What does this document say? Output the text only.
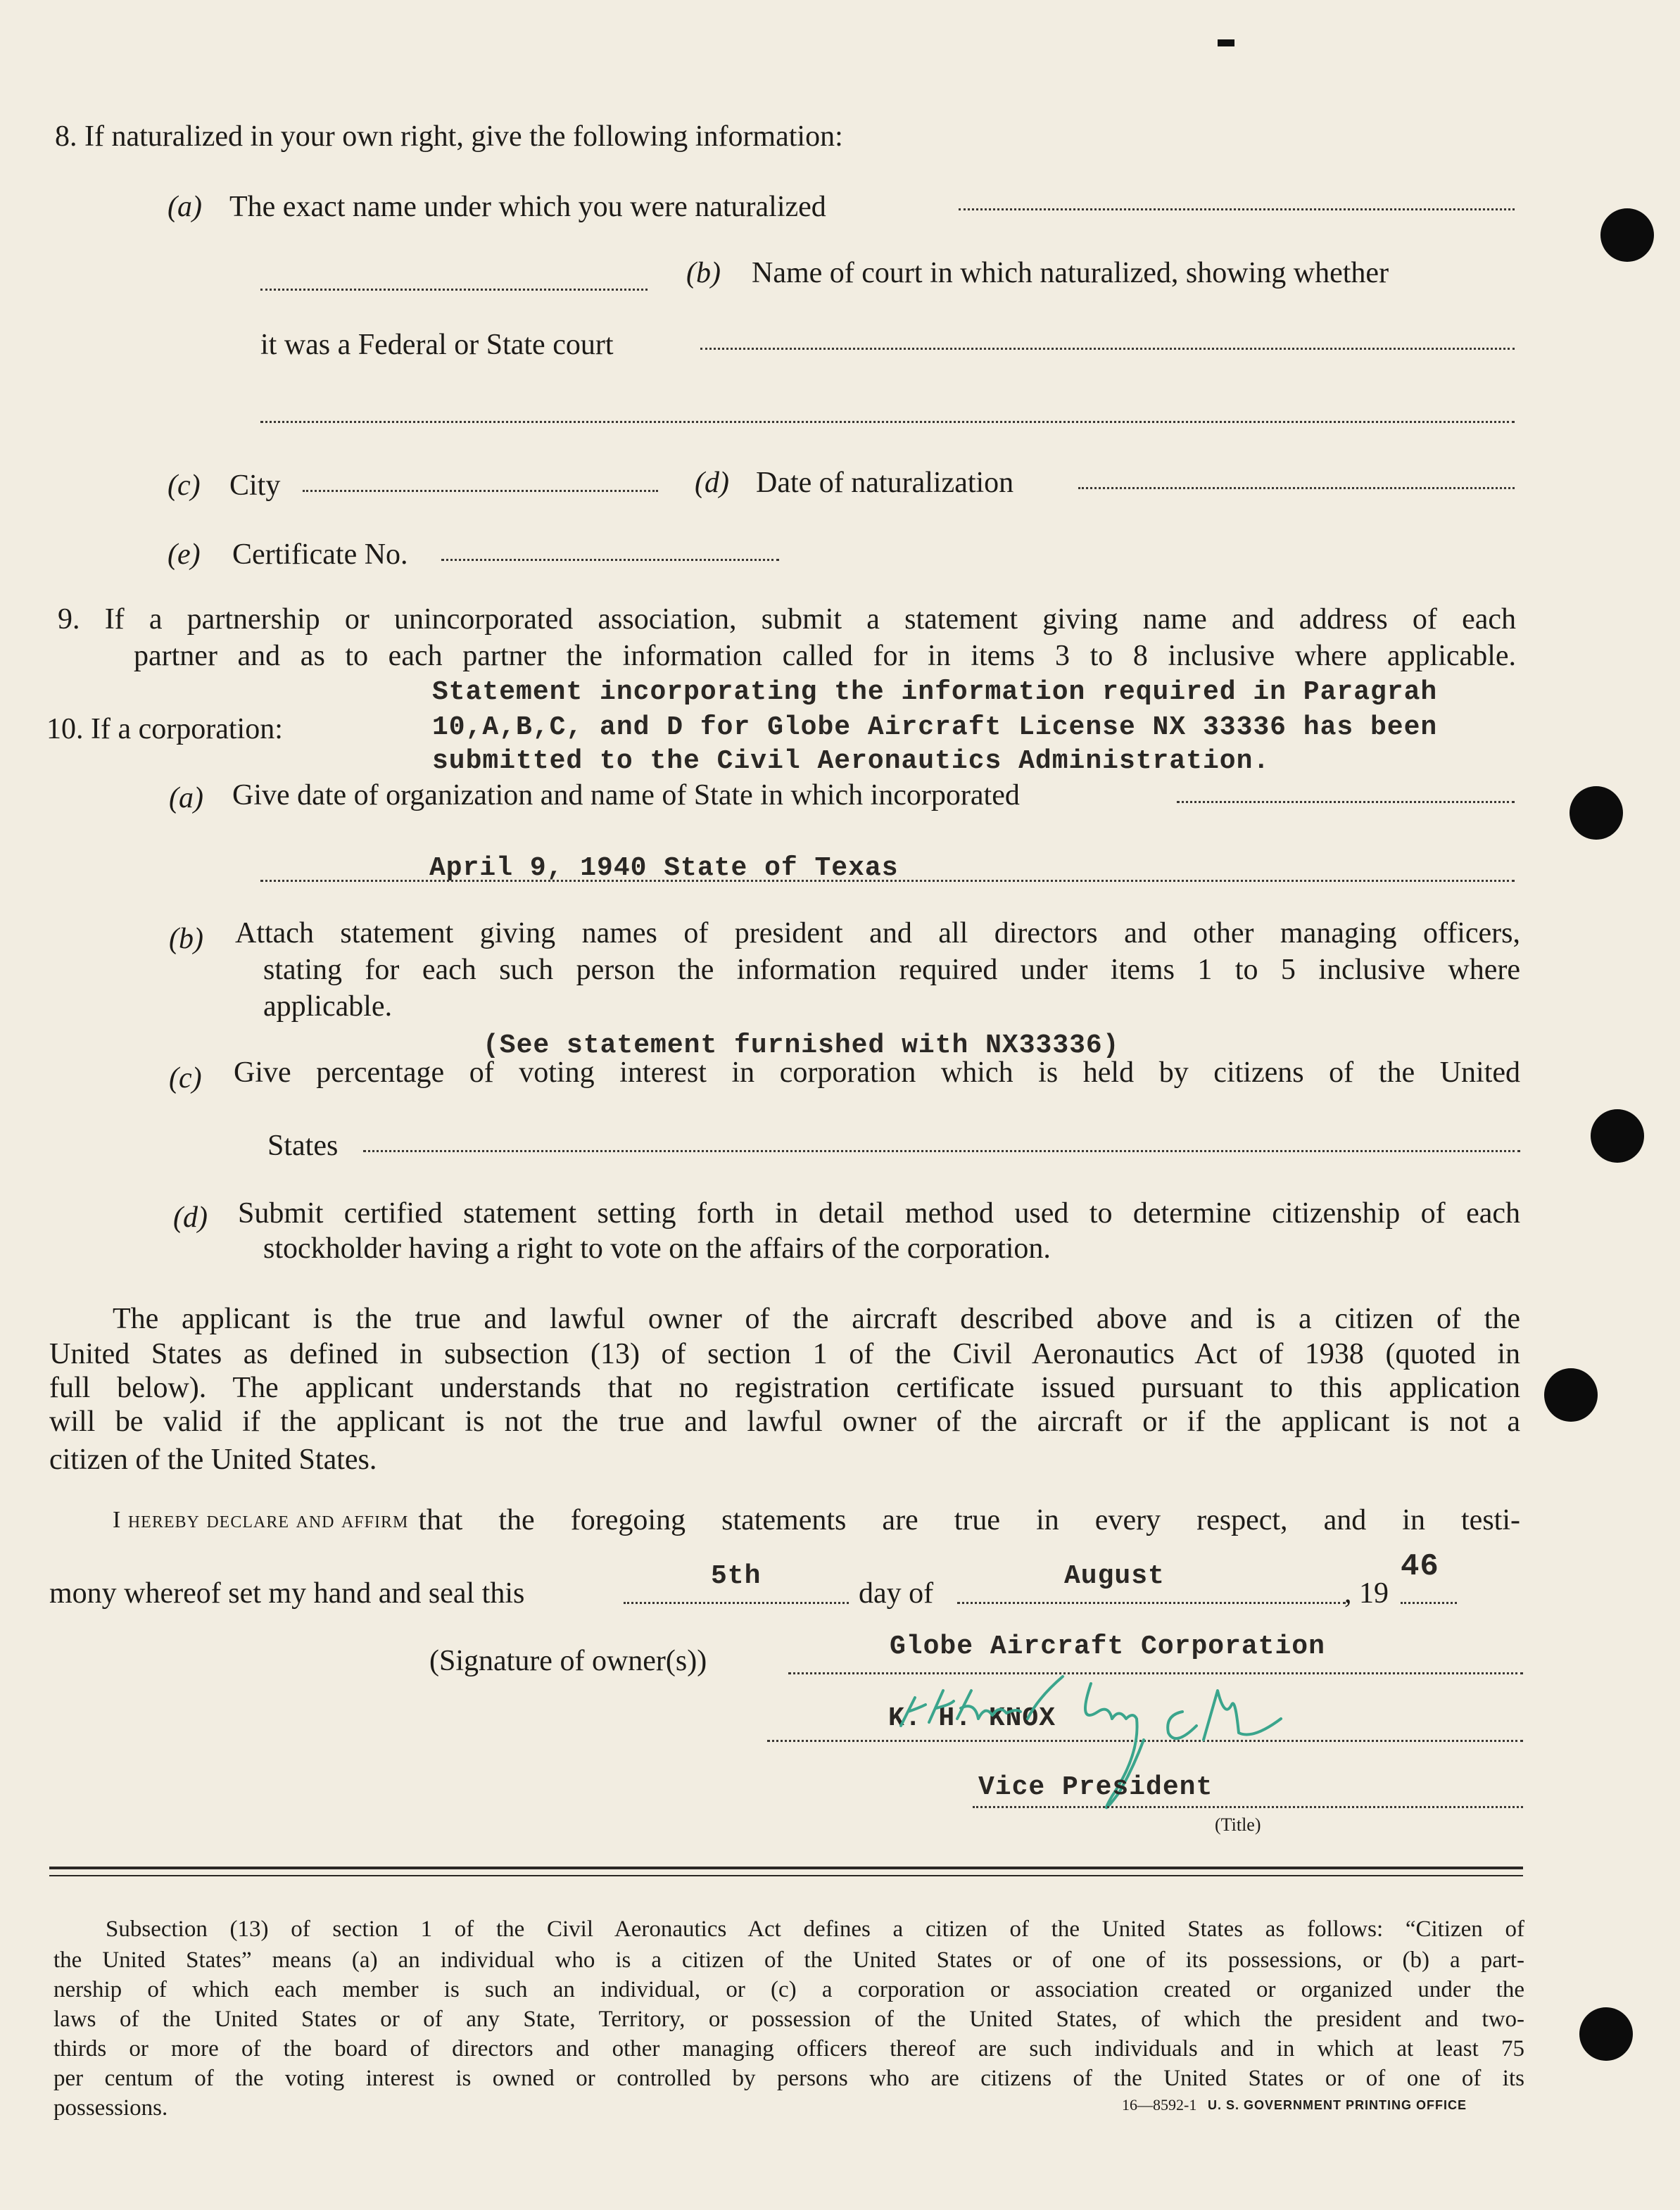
8. If naturalized in your own right, give the following information:
(a) The exact name under which you were naturalized
(b) Name of court in which naturalized, showing whether
it was a Federal or State court
(c) City	(d) Date of naturalization
(e) Certificate No.
9. If a partnership or unincorporated association, submit a statement giving name and address of each
partner and as to each partner the information called for in items 3 to 8 inclusive where applicable.
10. If a corporation:
Statement incorporating the information required in Paragrah
10,A,B,C, and D for Globe Aircraft License NX 33336 has been
submitted to the Civil Aeronautics Administration.
(a) Give date of organization and name of State in which incorporated
April 9, 1940 State of Texas
(b) Attach statement giving names of president and all directors and other managing officers,
stating for each such person the information required under items 1 to 5 inclusive where
applicable.
(See statement furnished with NX33336)
(c) Give percentage of voting interest in corporation which is held by citizens of the United
States
(d) Submit certified statement setting forth in detail method used to determine citizenship of each
stockholder having a right to vote on the affairs of the corporation.
The applicant is the true and lawful owner of the aircraft described above and is a citizen of the
United States as defined in subsection (13) of section 1 of the Civil Aeronautics Act of 1938 (quoted in
full below). The applicant understands that no registration certificate issued pursuant to this application
will be valid if the applicant is not the true and lawful owner of the aircraft or if the applicant is not a
citizen of the United States.
I hereby declare and affirm that the foregoing statements are true in every respect, and in testi-
mony whereof set my hand and seal this
5th
day of
August
, 19
46
(Signature of owner(s))	Globe Aircraft Corporation
K. H. KNOX
Vice President
(Title)
Subsection (13) of section 1 of the Civil Aeronautics Act defines a citizen of the United States as follows: “Citizen of
the United States” means (a) an individual who is a citizen of the United States or of one of its possessions, or (b) a part-
nership of which each member is such an individual, or (c) a corporation or association created or organized under the
laws of the United States or of any State, Territory, or possession of the United States, of which the president and two-
thirds or more of the board of directors and other managing officers thereof are such individuals and in which at least 75
per centum of the voting interest is owned or controlled by persons who are citizens of the United States or of one of its
possessions.	16—8592-1 U. S. GOVERNMENT PRINTING OFFICE
